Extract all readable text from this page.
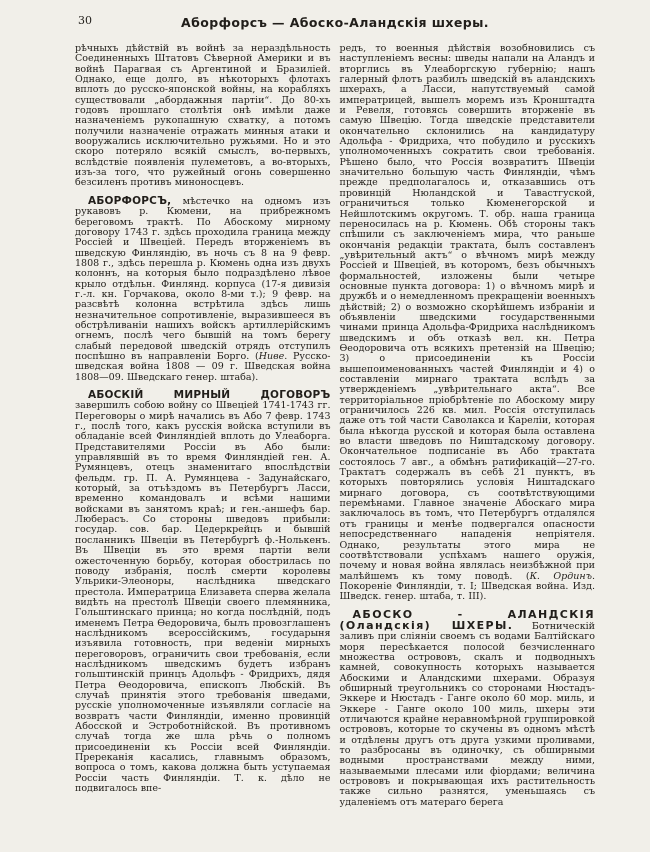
30	Аборфорсъ — Абоско-Аландскія шхеры.

рѣчныхъ дѣйствій въ войнѣ за нераздѣльность Соединенныхъ Штатовъ Сѣверной Америки и въ войнѣ Парагвая съ Аргентиной и Бразиліей. Однако, еще долго, въ нѣкоторыхъ флотахъ вплоть до русско-японской войны, на корабляхъ существовали „абордажныя партіи“. До 80-хъ годовъ прошлаго столѣтія онѣ имѣли даже назначеніемъ рукопашную схватку, а потомъ получили назначеніе отражать минныя атаки и вооружались исключительно ружьями. Но и это скоро потеряло всякій смыслъ, во-первыхъ, вслѣдствіе появленія пулеметовъ, а во-вторыхъ, изъ-за того, что ружейный огонь совершенно безсиленъ противъ миноносцевъ.

АБОРФОРСЪ, мѣстечко на одномъ изъ рукавовъ р. Кюмени, на прибрежномъ береговомъ трактѣ. По Абоскому мирному договору 1743 г. здѣсь проходила граница между Россіей и Швеціей. Передъ вторженіемъ въ шведскую Финляндію, въ ночь съ 8 на 9 февр. 1808 г., здѣсь перешла р. Кюмень одна изъ двухъ колоннъ, на которыя было подраздѣлено лѣвое крыло отдѣльн. Финлянд. корпуса (17-я дивизія г.-л. кн. Горчакова, около 8-ми т.); 9 февр. на разсвѣтѣ колонна встрѣтила здѣсь лишь незначительное сопротивленіе, выразившееся въ обстрѣливаніи нашихъ войскъ артиллерійскимъ огнемъ, послѣ чего бывшій на томъ берегу слабый передовой шведскій отрядъ отступилъ поспѣшно въ направленіи Борго. (Ниве. Русско-шведская война 1808 — 09 г. Шведская война 1808—09. Шведскаго генер. штаба).

АБОСКІЙ МИРНЫЙ ДОГОВОРЪ завершилъ собою войну со Швеціей 1741-1743 гг. Переговоры о мирѣ начались въ Або 7 февр. 1743 г., послѣ того, какъ русскія войска вступили въ обладаніе всей Финляндіей вплоть до Улеаборга. Представителями Россіи въ Або были: управлявшій въ то время Финляндіей ген. А. Румянцевъ, отецъ знаменитаго впослѣдствіи фельдм. гр. П. А. Румянцева - Задунайскаго, который, за отъѣздомъ въ Петербургъ Ласси, временно командовалъ и всѣми нашими войсками въ занятомъ краѣ; и ген.-аншефъ бар. Люберасъ. Со стороны шведовъ прибыли: государ. сов. бар. Цедеркрейцъ и бывшій посланникъ Швеціи въ Петербургѣ ф.-Нолькенъ. Въ Швеціи въ это время партіи вели ожесточенную борьбу, которая обострилась по поводу избранія, послѣ смерти королевы Ульрики-Элеоноры, наслѣдника шведскаго престола. Императрица Елизавета сперва желала видѣть на престолѣ Швеціи своего племянника, Гольштинскаго принца; но когда послѣдній, подъ именемъ Петра Ѳедоровича, былъ провозглашенъ наслѣдникомъ всероссійскимъ, государыня изъявила готовность, при веденіи мирныхъ переговоровъ, ограничить свои требованія, если наслѣдникомъ шведскимъ будетъ избранъ гольштинскій принцъ Адольфъ - Фридрихъ, дядя Петра Ѳеодоровича, епископъ Любскій. Въ случаѣ принятія этого требованія шведами, русскіе уполномоченные изъявляли согласіе на возвратъ части Финляндіи, именно провинцій Абосской и Эстроботнійской. Въ противномъ случаѣ тогда же шла рѣчь о полномъ присоединеніи къ Россіи всей Финляндіи. Пререканія касались, главнымъ образомъ, вопроса о томъ, какова должна быть уступаемая Россіи часть Финляндіи. Т. к. дѣло не подвигалось впе-

редъ, то военныя дѣйствія возобновились съ наступленіемъ весны: шведы напали на Аландъ и вторглись въ Улеаборгскую губернію; нашъ галерный флотъ разбилъ шведскій въ аландскихъ шхерахъ, а Ласси, напутствуемый самой императрицей, вышелъ моремъ изъ Кронштадта и Ревеля, готовясь совершить вторженіе въ самую Швецію. Тогда шведскіе представители окончательно склонились на кандидатуру Адольфа - Фридриха, что побудило и русскихъ уполномоченныхъ сократить свои требованія. Рѣшено было, что Россія возвратитъ Швеціи значительно большую часть Финляндіи, чѣмъ прежде предполагалось и, отказавшись отъ провинцій Нюландской и Тавастгуской, ограничиться только Кюменегорской и Нейшлотскимъ округомъ. Т. обр. наша граница переносилась на р. Кюмень. Обѣ стороны такъ спѣшили съ заключеніемъ мира, что раньше окончанія редакціи трактата, былъ составленъ „увѣрительный актъ“ о вѣчномъ мирѣ между Россіей и Швеціей, въ которомъ, безъ обычныхъ формальностей, изложены были четыре основные пункта договора: 1) о вѣчномъ мирѣ и дружбѣ и о немедленномъ прекращеніи военныхъ дѣйствій; 2) о возможно скорѣйшемъ избраніи и объявленіи шведскими государственными чинами принца Адольфа-Фридриха наслѣдникомъ шведскимъ и объ отказѣ вел. кн. Петра Ѳеодоровича отъ всякихъ претензій на Швецію; 3) о присоединеніи къ Россіи вышепоименованныхъ частей Финляндіи и 4) о составленіи мирнаго трактата вслѣдъ за утвержденіемъ „увѣрительнаго акта“. Все территоріальное пріобрѣтеніе по Абоскому миру ограничилось 226 кв. мил. Россія отступилась даже отъ той части Саволакса и Кареліи, которая была нѣкогда русской и которая была оставлена во власти шведовъ по Ништадскому договору. Окончательное подписаніе въ Або трактата состоялось 7 авг., а обмѣнъ ратификацій—27-го. Трактатъ содержалъ въ себѣ 21 пунктъ, въ которыхъ повторялись условія Ништадскаго мирнаго договора, съ соотвѣтствующими перемѣнами. Главное значеніе Абоскаго мира заключалось въ томъ, что Петербургъ отдалялся отъ границы и менѣе подвергался опасности непосредственнаго нападенія непріятеля. Однако, результаты этого мира не соотвѣтствовали успѣхамъ нашего оружія, почему и новая война являлась неизбѣжной при малѣйшемъ къ тому поводѣ. (К. Ординъ. Покореніе Финляндіи, т. I; Шведская война. Изд. Шведск. генер. штаба, т. III).

АБОСКО - АЛАНДСКІЯ (Оландскія) ШХЕРЫ. Ботническій заливъ при сліяніи своемъ съ водами Балтійскаго моря пересѣкается полосой безчисленнаго множества острововъ, скалъ и подводныхъ камней, совокупность которыхъ называется Абоскими и Аландскими шхерами. Образуя обширный треугольникъ со сторонами Нюстадъ-Эккере и Нюстадъ - Ганге около 60 мор. миль, и Эккере - Ганге около 100 миль, шхеры эти отличаются крайне неравномѣрной группировкой острововъ, которые то скучены въ одномъ мѣстѣ и отдѣлены другъ отъ друга узкими проливами, то разбросаны въ одиночку, съ обширными водными пространствами между ними, называемыми плесами или фіордами; величина острововъ и покрывающая ихъ растительность также сильно разнятся, уменьшаясь съ удаленіемъ отъ матераго берега
